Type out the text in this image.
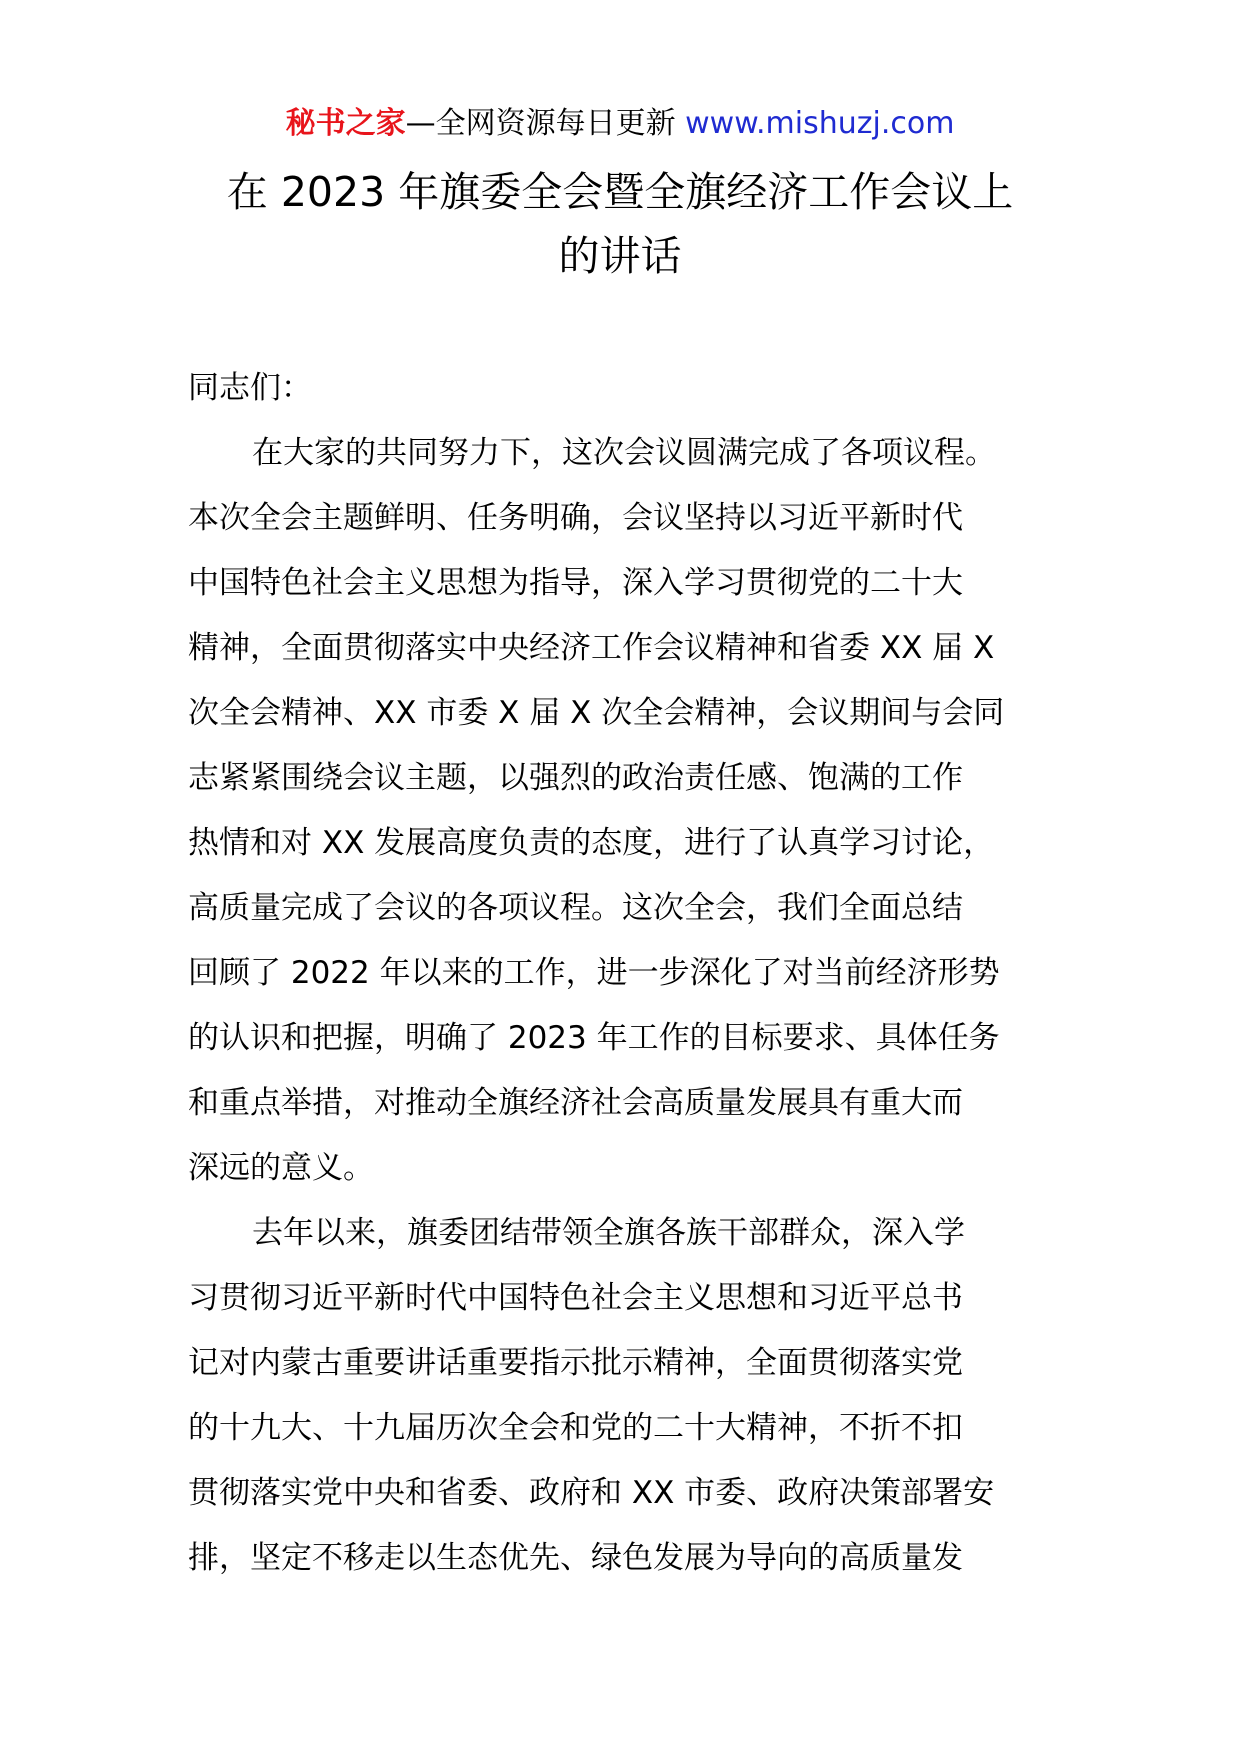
秘书之家—全网资源每日更新 www.mishuzj.com
在 2023 年旗委全会暨全旗经济工作会议上
的讲话

同志们：

在大家的共同努力下，这次会议圆满完成了各项议程。
本次全会主题鲜明、任务明确，会议坚持以习近平新时代
中国特色社会主义思想为指导，深入学习贯彻党的二十大
精神，全面贯彻落实中央经济工作会议精神和省委 XX 届 X
次全会精神、XX 市委 X 届 X 次全会精神，会议期间与会同
志紧紧围绕会议主题，以强烈的政治责任感、饱满的工作
热情和对 XX 发展高度负责的态度，进行了认真学习讨论，
高质量完成了会议的各项议程。这次全会，我们全面总结
回顾了 2022 年以来的工作，进一步深化了对当前经济形势
的认识和把握，明确了 2023 年工作的目标要求、具体任务
和重点举措，对推动全旗经济社会高质量发展具有重大而
深远的意义。
去年以来，旗委团结带领全旗各族干部群众，深入学
习贯彻习近平新时代中国特色社会主义思想和习近平总书
记对内蒙古重要讲话重要指示批示精神，全面贯彻落实党
的十九大、十九届历次全会和党的二十大精神，不折不扣
贯彻落实党中央和省委、政府和 XX 市委、政府决策部署安
排，坚定不移走以生态优先、绿色发展为导向的高质量发
